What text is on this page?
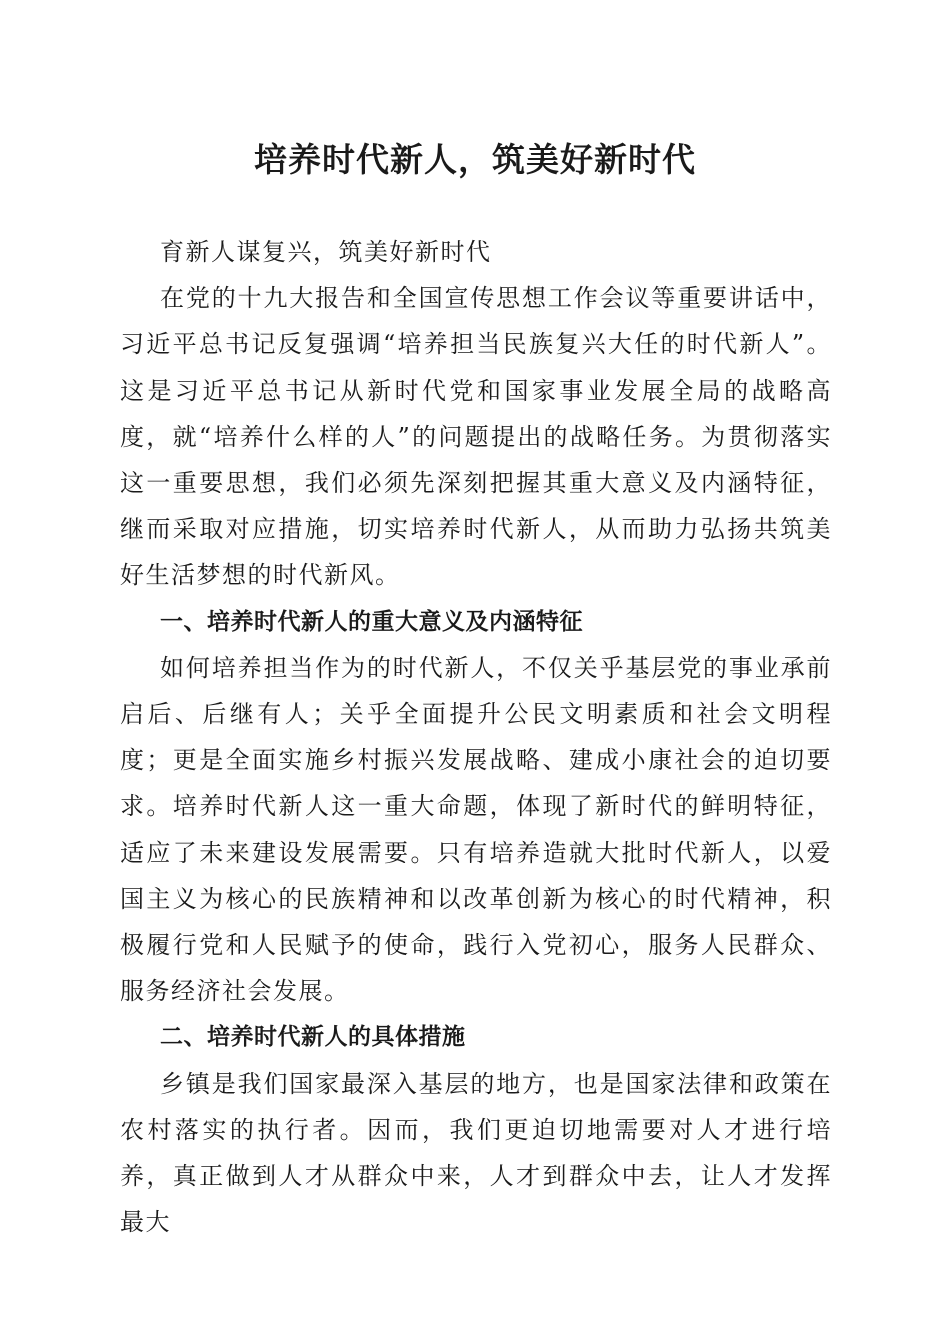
培养时代新人，筑美好新时代

育新人谋复兴，筑美好新时代

在党的十九大报告和全国宣传思想工作会议等重要讲话中，习近平总书记反复强调“培养担当民族复兴大任的时代新人”。这是习近平总书记从新时代党和国家事业发展全局的战略高度，就“培养什么样的人”的问题提出的战略任务。为贯彻落实这一重要思想，我们必须先深刻把握其重大意义及内涵特征，继而采取对应措施，切实培养时代新人，从而助力弘扬共筑美好生活梦想的时代新风。

一、培养时代新人的重大意义及内涵特征

如何培养担当作为的时代新人，不仅关乎基层党的事业承前启后、后继有人；关乎全面提升公民文明素质和社会文明程度；更是全面实施乡村振兴发展战略、建成小康社会的迫切要求。培养时代新人这一重大命题，体现了新时代的鲜明特征，适应了未来建设发展需要。只有培养造就大批时代新人，以爱国主义为核心的民族精神和以改革创新为核心的时代精神，积极履行党和人民赋予的使命，践行入党初心，服务人民群众、服务经济社会发展。

二、培养时代新人的具体措施

乡镇是我们国家最深入基层的地方，也是国家法律和政策在农村落实的执行者。因而，我们更迫切地需要对人才进行培养，真正做到人才从群众中来，人才到群众中去，让人才发挥最大
